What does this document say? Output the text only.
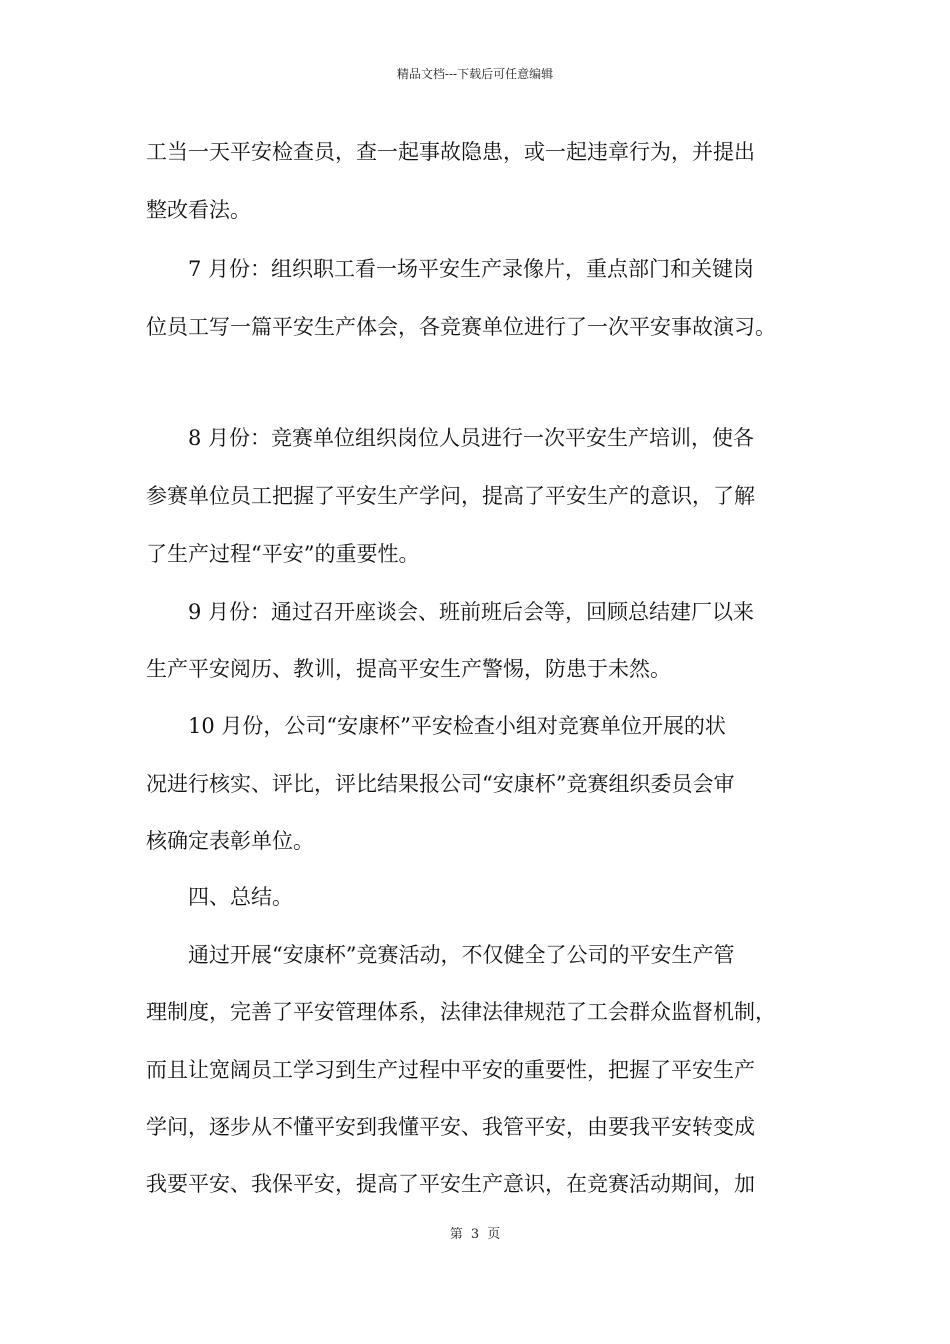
精品文档---下载后可任意编辑
工当一天平安检查员，查一起事故隐患，或一起违章行为，并提出
整改看法。
7 月份：组织职工看一场平安生产录像片，重点部门和关键岗
位员工写一篇平安生产体会，各竞赛单位进行了一次平安事故演习。
8 月份：竞赛单位组织岗位人员进行一次平安生产培训，使各
参赛单位员工把握了平安生产学问，提高了平安生产的意识，了解
了生产过程“平安”的重要性。
9 月份：通过召开座谈会、班前班后会等，回顾总结建厂以来
生产平安阅历、教训，提高平安生产警惕，防患于未然。
10 月份，公司“安康杯”平安检查小组对竞赛单位开展的状
况进行核实、评比，评比结果报公司“安康杯”竞赛组织委员会审
核确定表彰单位。
四、总结。
通过开展“安康杯”竞赛活动，不仅健全了公司的平安生产管
理制度，完善了平安管理体系，法律法律规范了工会群众监督机制，
而且让宽阔员工学习到生产过程中平安的重要性，把握了平安生产
学问，逐步从不懂平安到我懂平安、我管平安，由要我平安转变成
我要平安、我保平安，提高了平安生产意识，在竞赛活动期间，加
第 3 页
